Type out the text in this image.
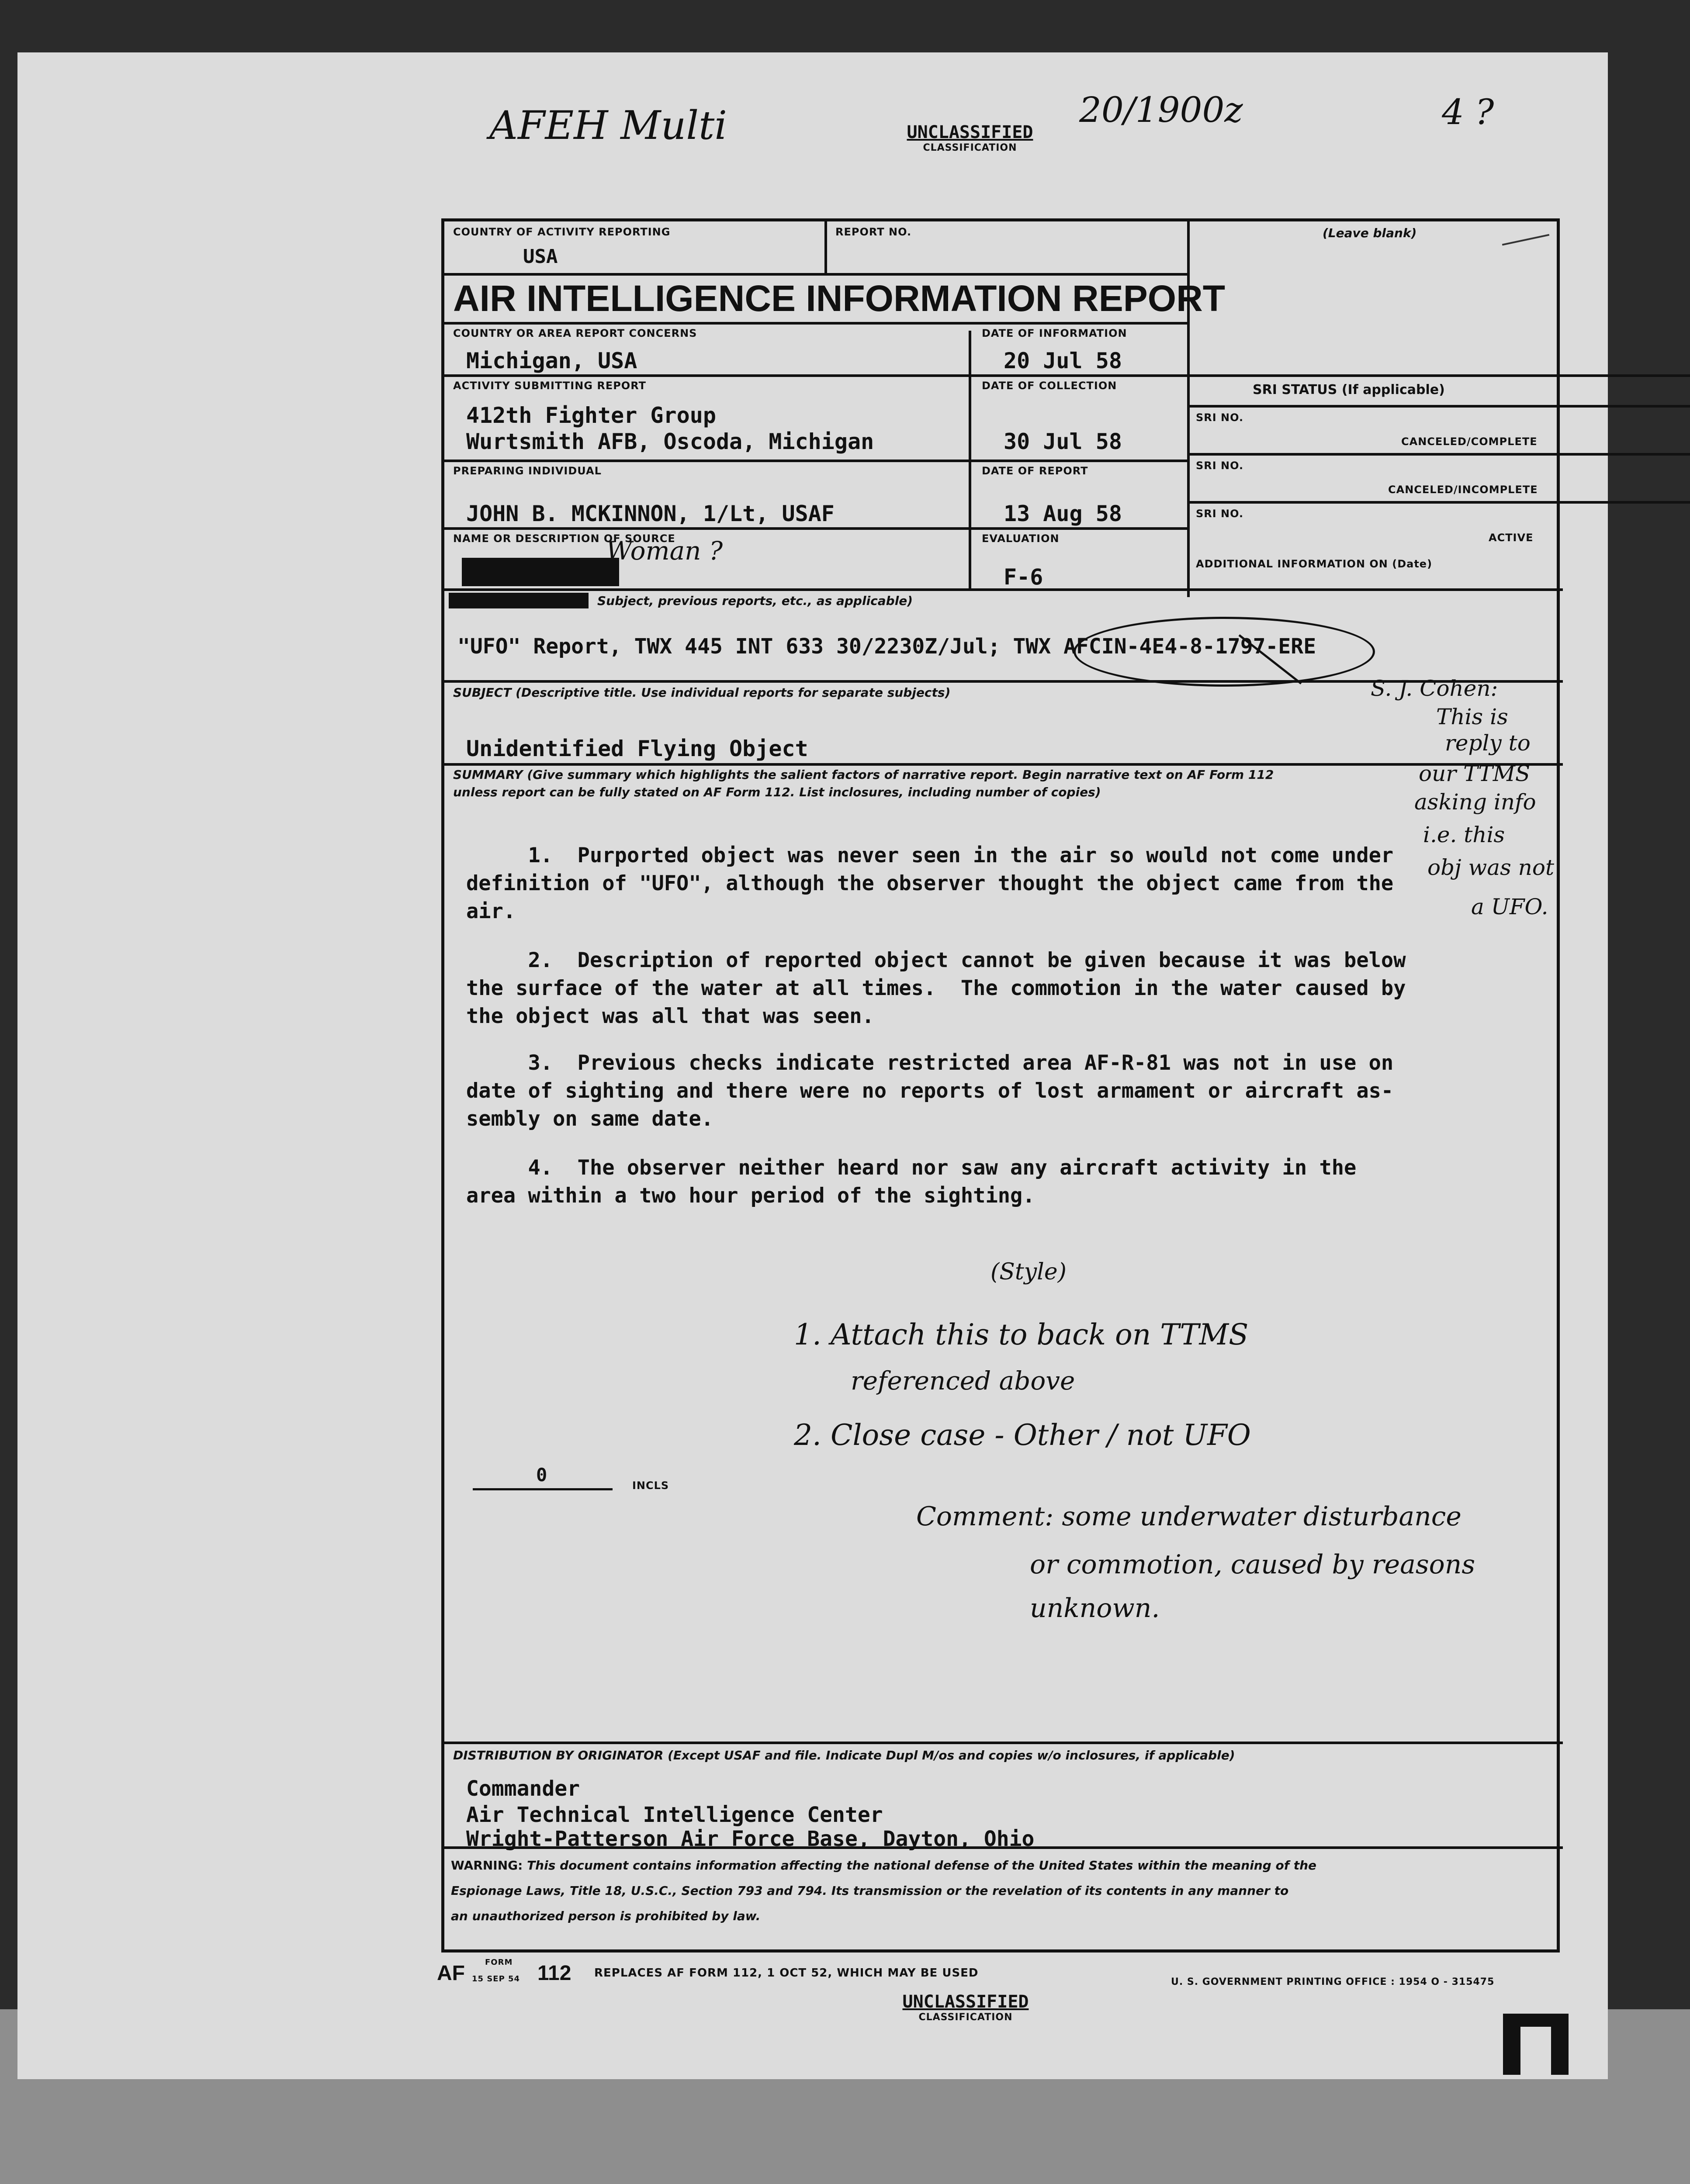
AFEH Multi	20/1900z	4 ?
UNCLASSIFIED
CLASSIFICATION
COUNTRY OF ACTIVITY REPORTING
USA
REPORT NO.	(Leave blank)
AIR INTELLIGENCE INFORMATION REPORT
COUNTRY OR AREA REPORT CONCERNS
Michigan, USA
DATE OF INFORMATION
20 Jul 58
ACTIVITY SUBMITTING REPORT
412th Fighter Group
Wurtsmith AFB, Oscoda, Michigan
DATE OF COLLECTION
30 Jul 58
SRI STATUS (If applicable)
SRI NO.
CANCELED/COMPLETE
SRI NO.
CANCELED/INCOMPLETE
SRI NO.
ACTIVE
ADDITIONAL INFORMATION ON (Date)
PREPARING INDIVIDUAL
JOHN B. MCKINNON, 1/Lt, USAF
DATE OF REPORT
13 Aug 58
NAME OR DESCRIPTION OF SOURCE
Woman ?	EVALUATION
F-6
Subject, previous reports, etc., as applicable)
"UFO" Report, TWX 445 INT 633 30/2230Z/Jul; TWX AFCIN-4E4-8-1797-ERE
SUBJECT (Descriptive title. Use individual reports for separate subjects)
Unidentified Flying Object
SUMMARY (Give summary which highlights the salient factors of narrative report. Begin narrative text on AF Form 112
unless report can be fully stated on AF Form 112. List inclosures, including number of copies)
1.  Purported object was never seen in the air so would not come under
definition of "UFO", although the observer thought the object came from the
air.
2.  Description of reported object cannot be given because it was below
the surface of the water at all times.  The commotion in the water caused by
the object was all that was seen.
3.  Previous checks indicate restricted area AF-R-81 was not in use on
date of sighting and there were no reports of lost armament or aircraft as-
sembly on same date.
4.  The observer neither heard nor saw any aircraft activity in the
area within a two hour period of the sighting.
S. J. Cohen:
This is
reply to
our TTMS
asking info
i.e. this
obj was not
a UFO.
(Style)
1. Attach this to back on TTMS
referenced above
2. Close case - Other / not UFO
Comment: some underwater disturbance
or commotion, caused by reasons
unknown.
0	INCLS
DISTRIBUTION BY ORIGINATOR (Except USAF and file. Indicate Dupl M/os and copies w/o inclosures, if applicable)
Commander
Air Technical Intelligence Center
Wright-Patterson Air Force Base, Dayton, Ohio
WARNING: This document contains information affecting the national defense of the United States within the meaning of the
Espionage Laws, Title 18, U.S.C., Section 793 and 794. Its transmission or the revelation of its contents in any manner to
an unauthorized person is prohibited by law.
AF	FORM
15 SEP 54 112 REPLACES AF FORM 112, 1 OCT 52, WHICH MAY BE USED
U. S. GOVERNMENT PRINTING OFFICE : 1954 O - 315475
UNCLASSIFIED
CLASSIFICATION
